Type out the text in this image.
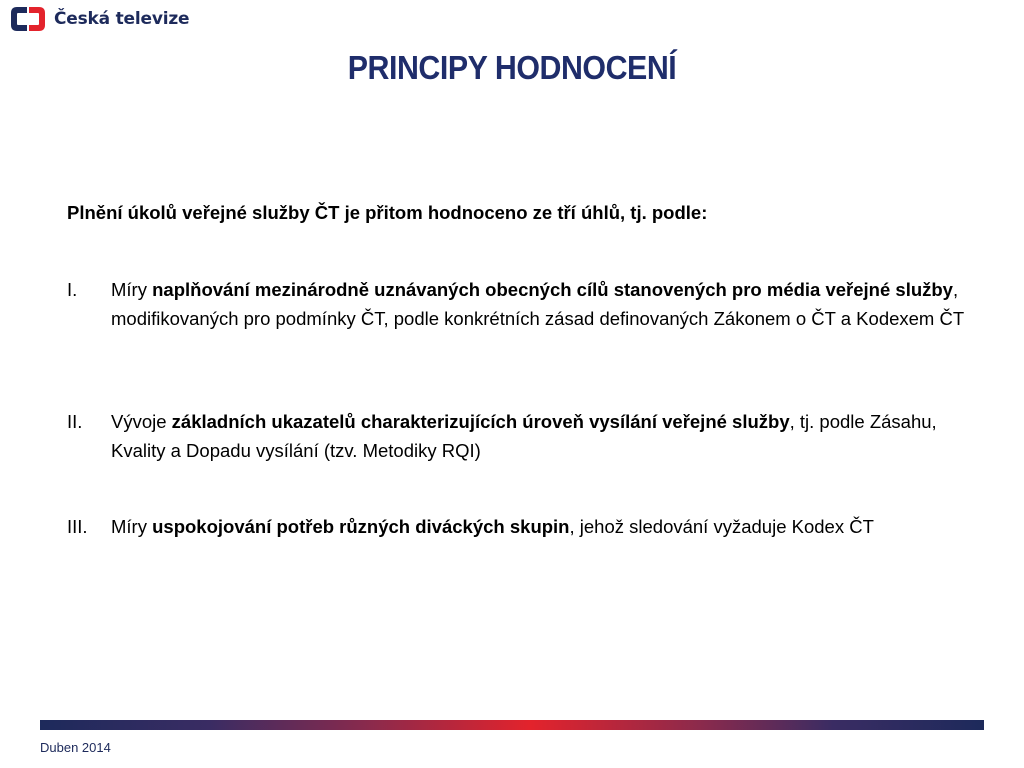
Česká televize
PRINCIPY HODNOCENÍ
Plnění úkolů veřejné služby ČT je přitom hodnoceno ze tří úhlů, tj. podle:
I. Míry naplňování mezinárodně uznávaných obecných cílů stanovených pro média veřejné služby, modifikovaných pro podmínky ČT, podle konkrétních zásad definovaných Zákonem o ČT a Kodexem ČT
II. Vývoje základních ukazatelů charakterizujících úroveň vysílání veřejné služby, tj. podle Zásahu, Kvality a Dopadu vysílání (tzv. Metodiky RQI)
III. Míry uspokojování potřeb různých diváckých skupin, jehož sledování vyžaduje Kodex ČT
Duben 2014
